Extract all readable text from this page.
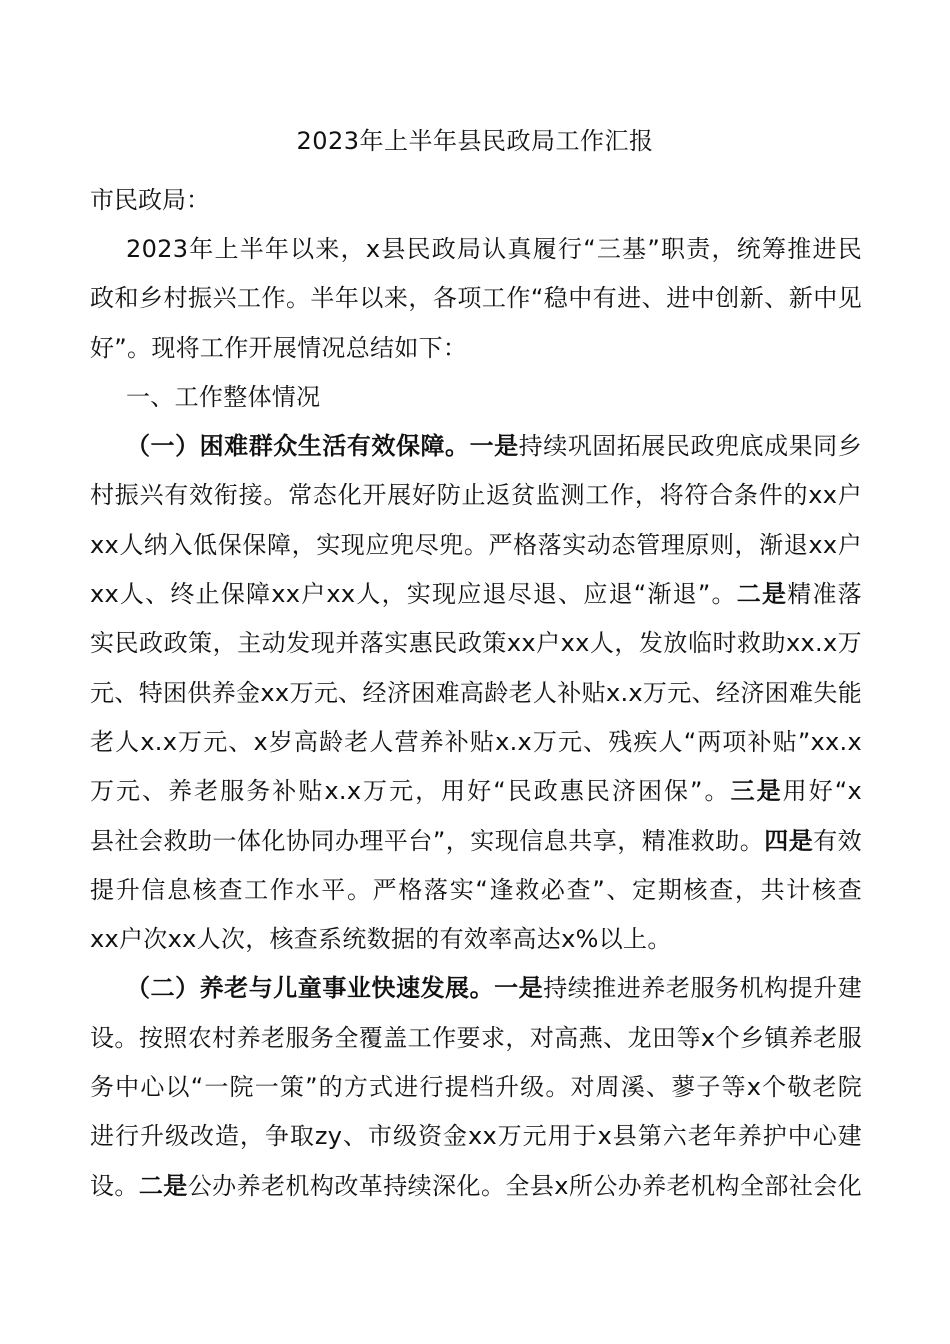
2023年上半年县民政局工作汇报
市民政局：
2023年上半年以来，x县民政局认真履行“三基”职责，统筹推进民
政和乡村振兴工作。半年以来，各项工作“稳中有进、进中创新、新中见
好”。现将工作开展情况总结如下：
一、工作整体情况
（一）困难群众生活有效保障。一是持续巩固拓展民政兜底成果同乡
村振兴有效衔接。常态化开展好防止返贫监测工作，将符合条件的xx户
xx人纳入低保保障，实现应兜尽兜。严格落实动态管理原则，渐退xx户
xx人、终止保障xx户xx人，实现应退尽退、应退“渐退”。二是精准落
实民政政策，主动发现并落实惠民政策xx户xx人，发放临时救助xx.x万
元、特困供养金xx万元、经济困难高龄老人补贴x.x万元、经济困难失能
老人x.x万元、x岁高龄老人营养补贴x.x万元、残疾人“两项补贴”xx.x
万元、养老服务补贴x.x万元，用好“民政惠民济困保”。三是用好“x
县社会救助一体化协同办理平台”，实现信息共享，精准救助。四是有效
提升信息核查工作水平。严格落实“逢救必查”、定期核查，共计核查
xx户次xx人次，核查系统数据的有效率高达x%以上。
（二）养老与儿童事业快速发展。一是持续推进养老服务机构提升建
设。按照农村养老服务全覆盖工作要求，对高燕、龙田等x个乡镇养老服
务中心以“一院一策”的方式进行提档升级。对周溪、蓼子等x个敬老院
进行升级改造，争取zy、市级资金xx万元用于x县第六老年养护中心建
设。二是公办养老机构改革持续深化。全县x所公办养老机构全部社会化
